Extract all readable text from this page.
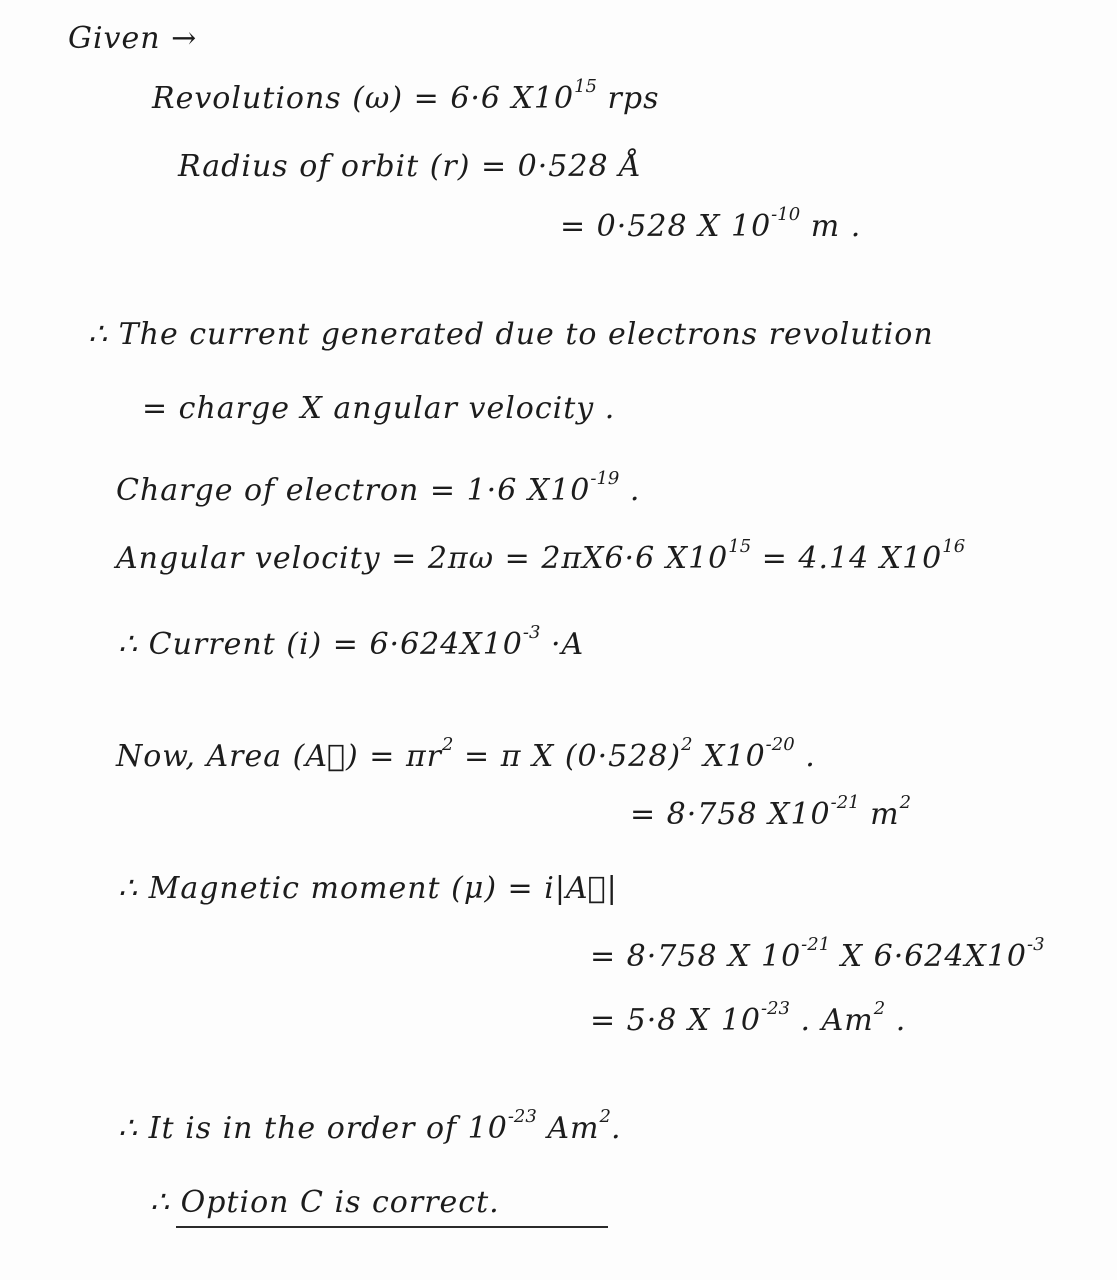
Given →
Revolutions (ω) = 6·6 $X10^{15}$ rps
Radius of orbit (r) = 0·528 Å
= 0·528 X $10^{-10}$ m .
∴ The current generated due to electrons revolution
= charge X angular velocity .
Charge of electron = 1·6 $X10^{-19}$ .
Angular velocity = 2πω = 2πX6·6 $X10^{15} = 4.14$ $X10^{16}$
∴ Current $(i) = 6\cdot 624X10^{-3} \cdot A$
Now, Area (A⃗) = $\pi r^2 = \pi$ X $(0\cdot 528)^2$ $X10^{-20}$ .
= 8·758 $X10^{-21}$ $m^2$
∴ Magnetic moment (μ) = i|A⃗|
= 8·758 X $10^{-21}$ X $6\cdot 624X10^{-3}$
= 5·8 X $10^{-23}$ . Am$^2$ .
∴ It is in the order of $10^{-23}$ Am$^2$.
∴ Option C is correct.
